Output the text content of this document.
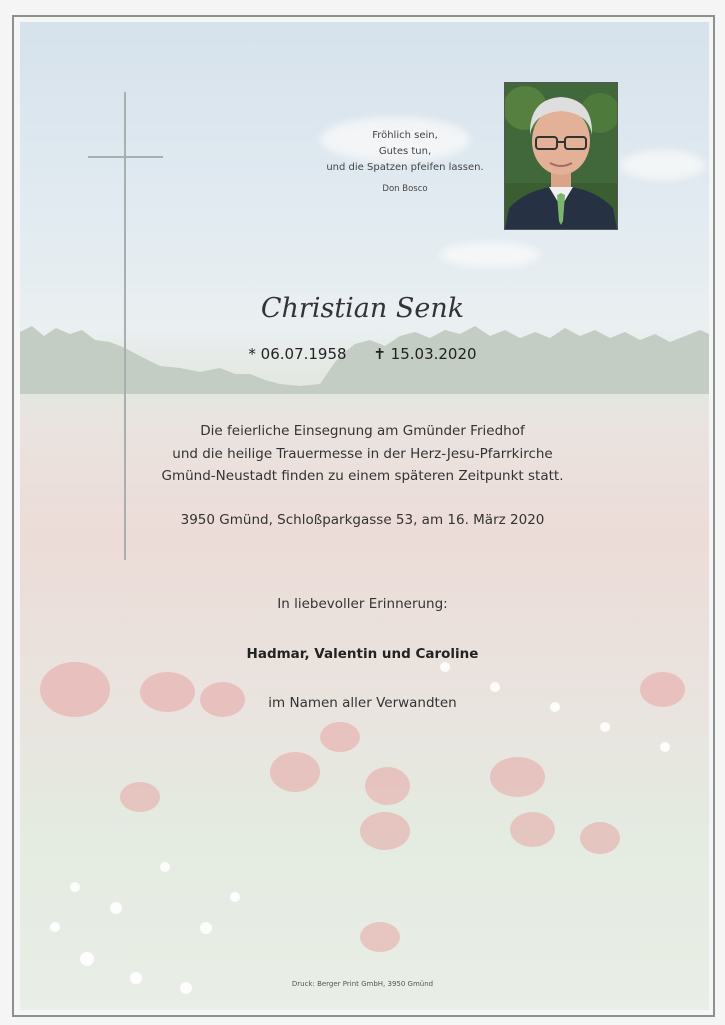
Fröhlich sein,
Gutes tun,
und die Spatzen pfeifen lassen.
Don Bosco
Christian Senk
* 06.07.1958 ✝ 15.03.2020
Die feierliche Einsegnung am Gmünder Friedhof
und die heilige Trauermesse in der Herz-Jesu-Pfarrkirche
Gmünd-Neustadt finden zu einem späteren Zeitpunkt statt.
3950 Gmünd, Schloßparkgasse 53, am 16. März 2020
In liebevoller Erinnerung:
Hadmar, Valentin und Caroline
im Namen aller Verwandten
Druck: Berger Print GmbH, 3950 Gmünd
